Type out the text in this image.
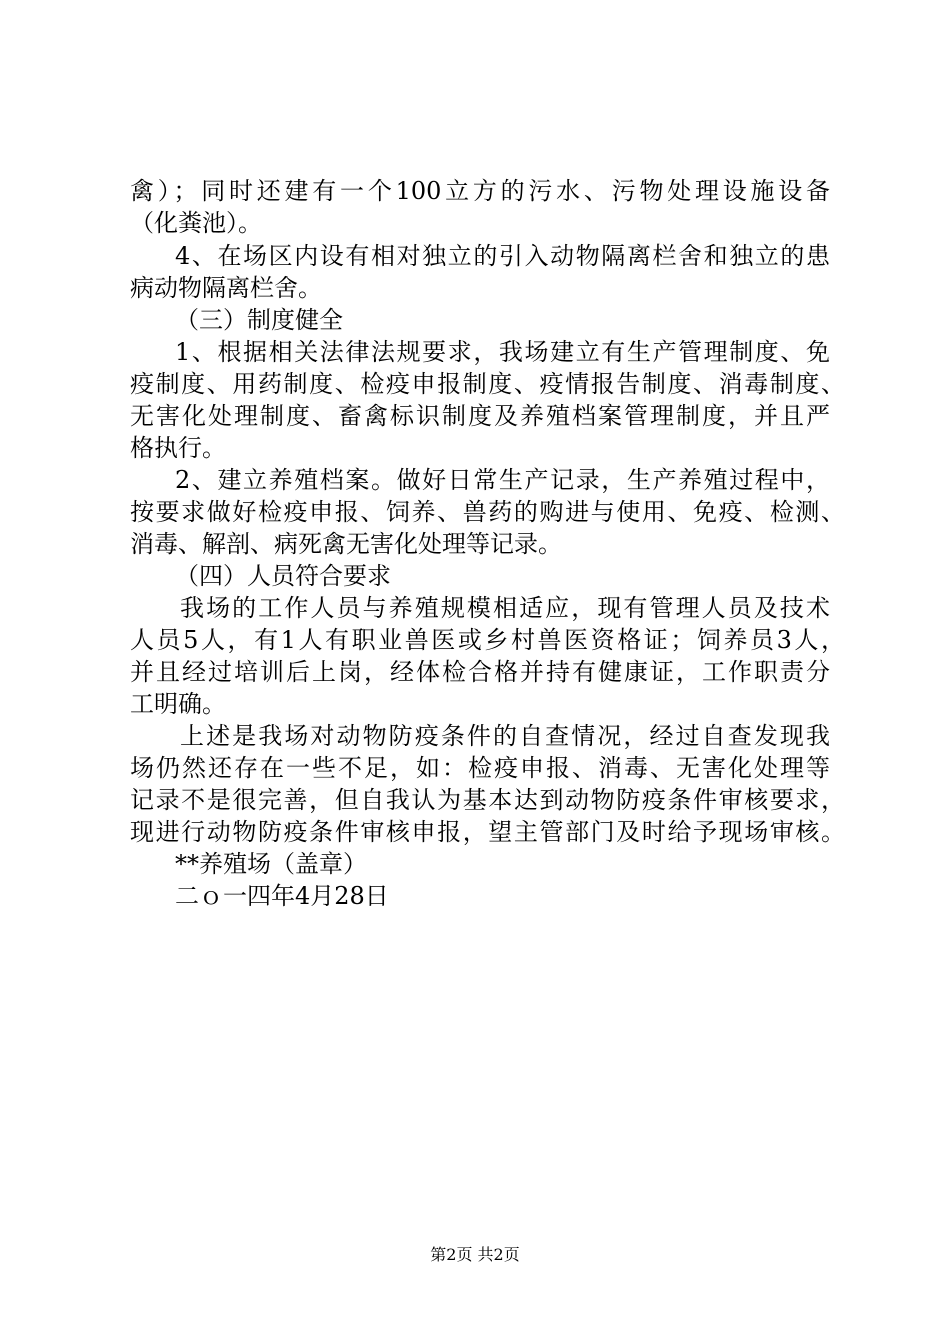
禽）；同时还建有一个100立方的污水、污物处理设施设备
（化粪池）。
4、在场区内设有相对独立的引入动物隔离栏舍和独立的患
病动物隔离栏舍。
（三）制度健全
1、根据相关法律法规要求，我场建立有生产管理制度、免
疫制度、用药制度、检疫申报制度、疫情报告制度、消毒制度、
无害化处理制度、畜禽标识制度及养殖档案管理制度，并且严
格执行。
2、建立养殖档案。做好日常生产记录，生产养殖过程中，
按要求做好检疫申报、饲养、兽药的购进与使用、免疫、检测、
消毒、解剖、病死禽无害化处理等记录。
（四）人员符合要求
我场的工作人员与养殖规模相适应，现有管理人员及技术
人员5人，有1人有职业兽医或乡村兽医资格证；饲养员3人，
并且经过培训后上岗，经体检合格并持有健康证，工作职责分
工明确。
上述是我场对动物防疫条件的自查情况，经过自查发现我
场仍然还存在一些不足，如：检疫申报、消毒、无害化处理等
记录不是很完善，但自我认为基本达到动物防疫条件审核要求，
现进行动物防疫条件审核申报，望主管部门及时给予现场审核。
**养殖场（盖章）
二ｏ一四年4月28日
第2页 共2页
